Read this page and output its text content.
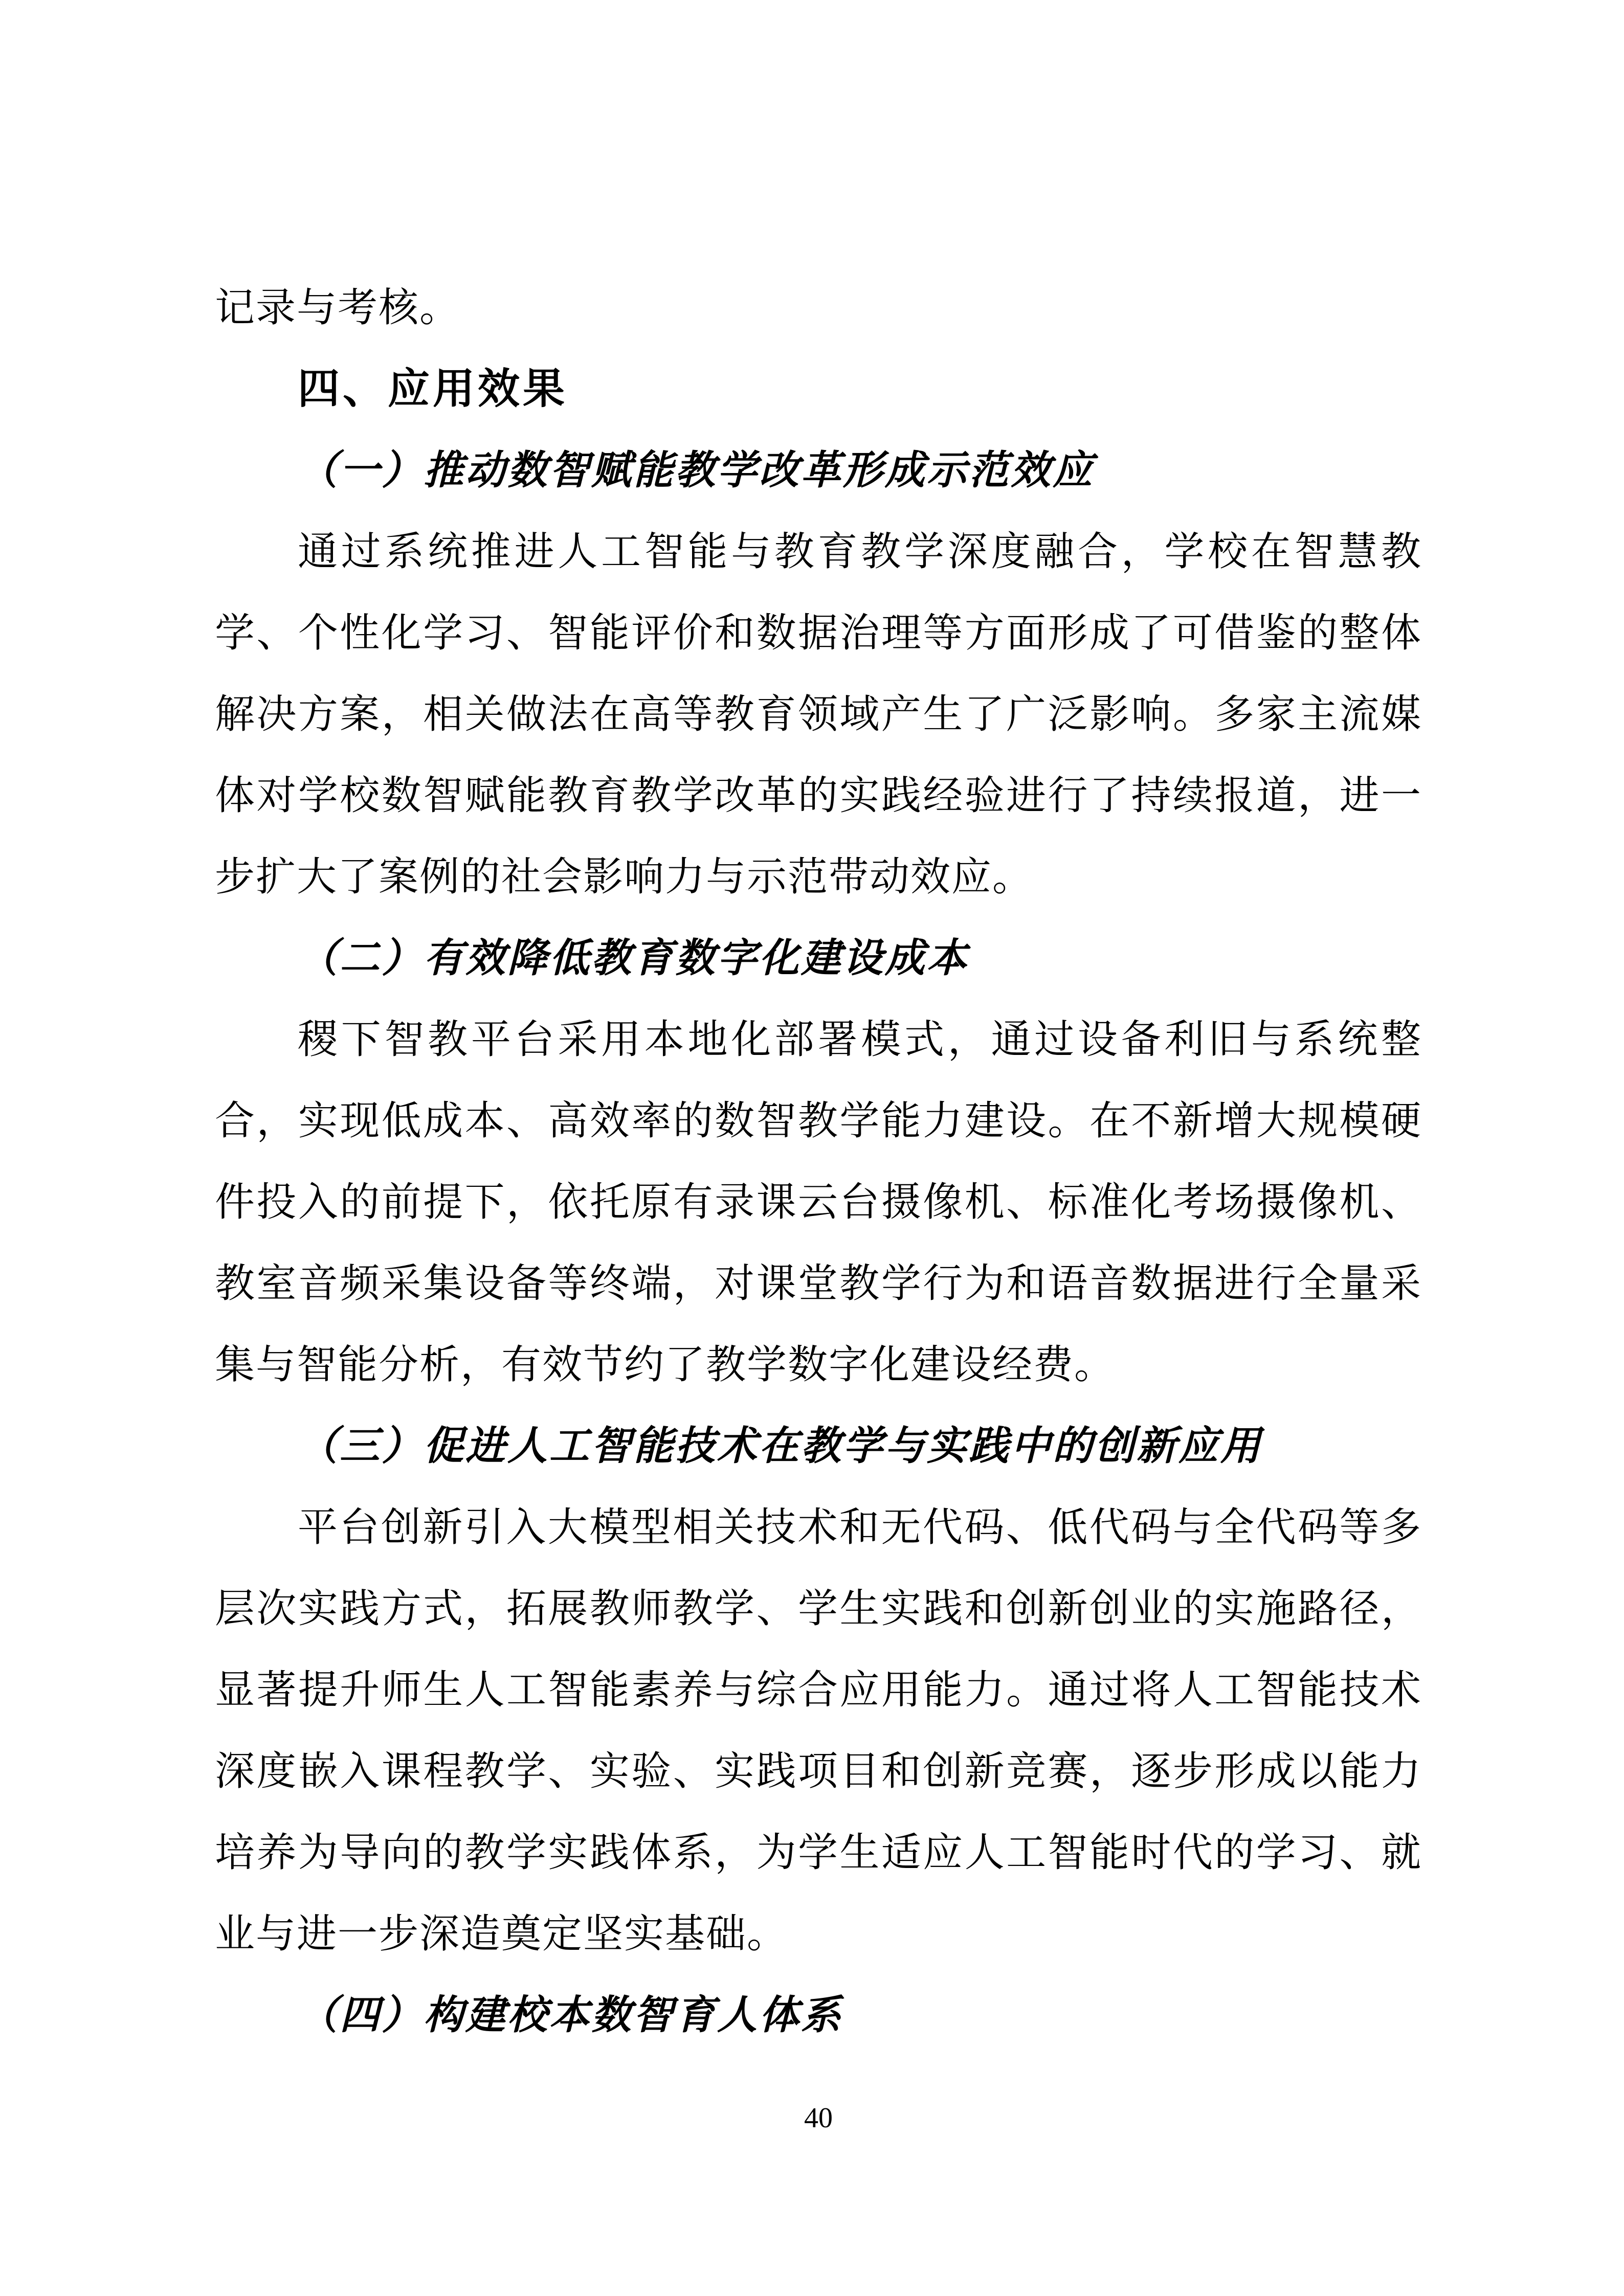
记录与考核。
四、应用效果
（一）推动数智赋能教学改革形成示范效应
通过系统推进人工智能与教育教学深度融合，学校在智慧教
学、个性化学习、智能评价和数据治理等方面形成了可借鉴的整体
解决方案，相关做法在高等教育领域产生了广泛影响。多家主流媒
体对学校数智赋能教育教学改革的实践经验进行了持续报道，进一
步扩大了案例的社会影响力与示范带动效应。
（二）有效降低教育数字化建设成本
稷下智教平台采用本地化部署模式，通过设备利旧与系统整
合，实现低成本、高效率的数智教学能力建设。在不新增大规模硬
件投入的前提下，依托原有录课云台摄像机、标准化考场摄像机、
教室音频采集设备等终端，对课堂教学行为和语音数据进行全量采
集与智能分析，有效节约了教学数字化建设经费。
（三）促进人工智能技术在教学与实践中的创新应用
平台创新引入大模型相关技术和无代码、低代码与全代码等多
层次实践方式，拓展教师教学、学生实践和创新创业的实施路径，
显著提升师生人工智能素养与综合应用能力。通过将人工智能技术
深度嵌入课程教学、实验、实践项目和创新竞赛，逐步形成以能力
培养为导向的教学实践体系，为学生适应人工智能时代的学习、就
业与进一步深造奠定坚实基础。
（四）构建校本数智育人体系
40
